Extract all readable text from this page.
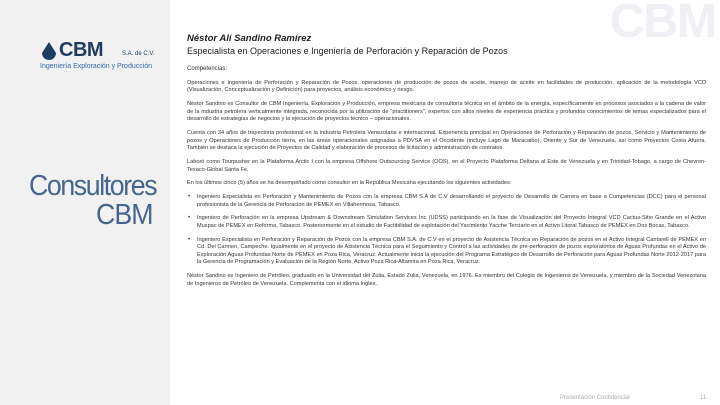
CBM
CBM	S.A. de C.V.
Ingeniería Exploración y Producción
Consultores
CBM
Néstor Alí Sandino Ramírez
Especialista en Operaciones e Ingeniería de Perforación y Reparación de Pozos

Competencias:

Operaciones e Ingeniería de Perforación y Reparación de Pozos, operaciones de producción de pozos de aceite, manejo de aceite en facilidades de producción, aplicación de la metodología VCD (Visualización, Conceptualización y Definición) para proyectos, análisis económico y riesgo.

Néstor Sandino es Consultor de CBM Ingeniería, Exploración y Producción, empresa mexicana de consultoría técnica en el ámbito de la energía, específicamente en procesos asociados a la cadena de valor de la industria petrolera verticalmente integrada, reconocida por la utilización de "practitioners", expertos con altos niveles de experiencia práctica y profundos conocimientos de temas especializados para el desarrollo de estrategias de negocios y la ejecución de proyectos técnico – operacionales.

Cuenta con 34 años de trayectoria profesional en la industria Petrolera Venezolana e internacional. Experiencia principal en Operaciones de Perforación y Reparación de pozos, Servicio y Mantenimiento de pozos y Operaciones de Producción tierra, en las áreas operacionales asignadas a PDVSA en el Occidente (incluye Lago de Maracaibo), Oriente y Sur de Venezuela, así como Proyectos Costa Afuera. También se destaca la ejecución de Proyectos de Calidad y elaboración de procesos de licitación y administración de contratos.

Laboró como Tourpusher en la Plataforma Arctic I con la empresa Offshore Outsourcing Service (OOS), en el Proyecto Plataforma Deltana al Este de Venezuela y en Trinidad-Tobago, a cargo de Chevron-Texaco-Global Santa Fe.

En los últimos cinco (5) años se ha desempeñado como consultor en la República Mexicana ejecutando los siguientes actividades:

• Ingeniero Especialista en Perforación y Mantenimiento de Pozos con la empresa CBM S.A de C.V desarrollando el proyecto de Desarrollo de Carrera en base a Competencias (DCC) para el personal profesionista de la Gerencia de Perforación de PEMEX en Villahermosa, Tabasco.
• Ingeniero de Perforación en la empresa Upstream & Downstream Simulation Services Inc (UDSS) participando en la fase de Visualización del Proyecto Integral VCD Cactus-Sitio Grande en el Activo Muspac de PEMEX en Reforma, Tabasco. Posteriormente en el estudio de Factibilidad de explotación del Yacimiento Yacche Terciario en el Activo Litoral Tabasco de PEMEX en Dos Bocas, Tabasco.
• Ingeniero Especialista en Perforación y Reparación de Pozos con la empresa CBM S.A. de C.V en el proyecto de Asistencia Técnica en Reparación de pozos en el Activo Integral Cantarell de PEMEX en Cd. Del Carmen, Campeche. Igualmente en el proyecto de Asistencia Técnica para el Seguimiento y Control a las actividades de pre-perforación de pozos exploratorios de Aguas Profundas en el Activo de Exploración Aguas Profundas Norte de PEMEX en Poza Rica, Veracruz. Actualmente inicia la ejecución del Programa Estratégico de Desarrollo de Perforación para Aguas Profundas Norte 2012-2017 para la Gerencia de Programación y Evaluación de la Región Norte, Activo Poza Rica-Altamira en Poza Rica, Veracruz.

Néstor Sandino es Ingeniero de Petróleo, graduado en la Universidad del Zulia, Estado Zulia, Venezuela, en 1976. Es miembro del Colegio de Ingenieros de Venezuela, y miembro de la Sociedad Venezolana de Ingenieros de Petróleo de Venezuela. Complementa con el idioma Ingles.

Presentación Confidencial	11
